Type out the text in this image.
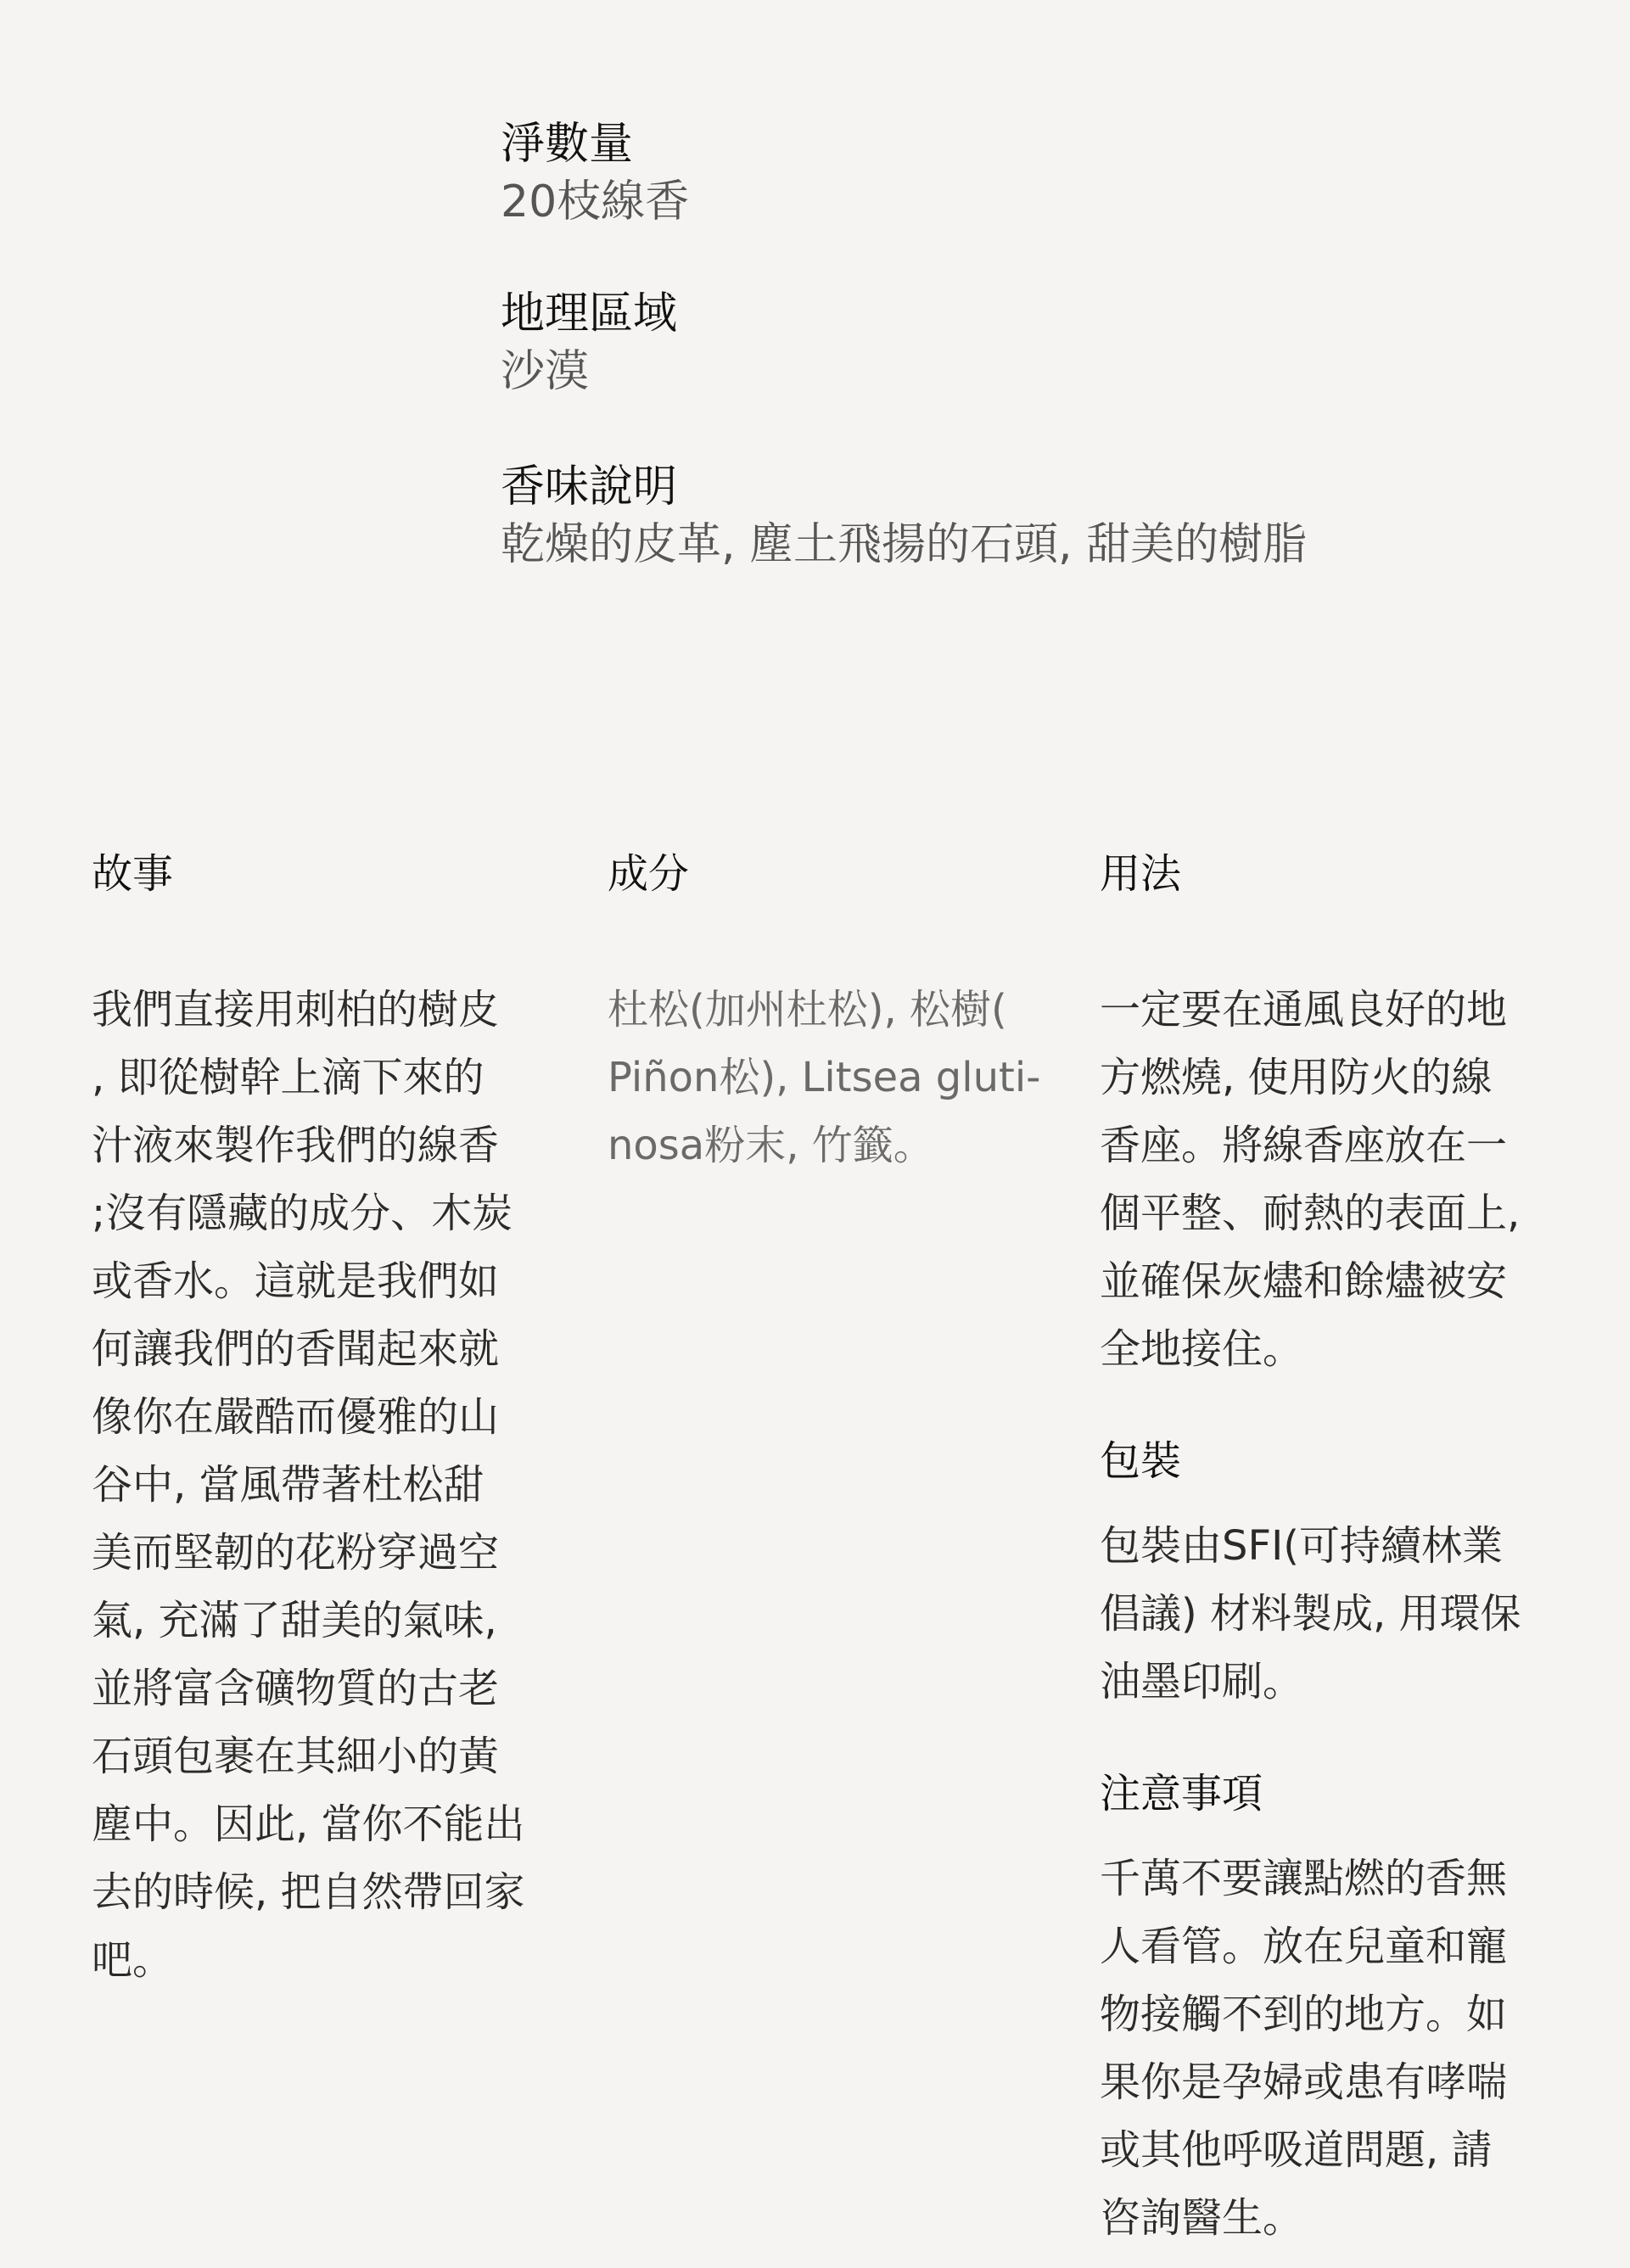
淨數量

20枝線香

地理區域

沙漠

香味說明

乾燥的皮革, 塵土飛揚的石頭, 甜美的樹脂

故事

我們直接用刺柏的樹皮
, 即從樹幹上滴下來的
汁液來製作我們的線香
;沒有隱藏的成分、木炭
或香水。這就是我們如
何讓我們的香聞起來就
像你在嚴酷而優雅的山
谷中, 當風帶著杜松甜
美而堅韌的花粉穿過空
氣, 充滿了甜美的氣味,
並將富含礦物質的古老
石頭包裹在其細小的黃
塵中。因此, 當你不能出
去的時候, 把自然帶回家
吧。

成分

杜松(加州杜松), 松樹(
Piñon松), Litsea gluti-
nosa粉末, 竹籤。

用法

一定要在通風良好的地
方燃燒, 使用防火的線
香座。將線香座放在一
個平整、耐熱的表面上,
並確保灰燼和餘燼被安
全地接住。

包裝

包裝由SFI(可持續林業
倡議) 材料製成, 用環保
油墨印刷。

注意事項

千萬不要讓點燃的香無
人看管。放在兒童和寵
物接觸不到的地方。如
果你是孕婦或患有哮喘
或其他呼吸道問題, 請
咨詢醫生。
